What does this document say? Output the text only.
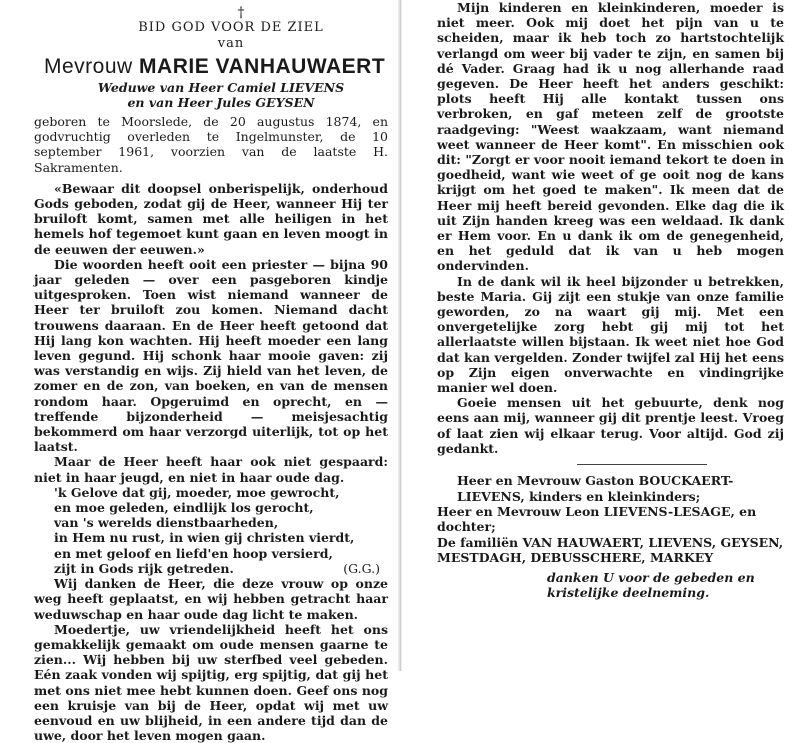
†
BID GOD VOOR DE ZIEL
van
Mevrouw MARIE VANHAUWAERT
Weduwe van Heer Camiel LIEVENS
en van Heer Jules GEYSEN

geboren te Moorslede, de 20 augustus 1874, en godvruchtig overleden te Ingelmunster, de 10 september 1961, voorzien van de laatste H. Sakramenten.

«Bewaar dit doopsel onberispelijk, onderhoud Gods geboden, zodat gij de Heer, wanneer Hij ter bruiloft komt, samen met alle heiligen in het hemels hof tegemoet kunt gaan en leven moogt in de eeuwen der eeuwen.»

Die woorden heeft ooit een priester — bijna 90 jaar geleden — over een pasgeboren kindje uitgesproken. Toen wist niemand wanneer de Heer ter bruiloft zou komen. Niemand dacht trouwens daaraan. En de Heer heeft getoond dat Hij lang kon wachten. Hij heeft moeder een lang leven gegund. Hij schonk haar mooie gaven: zij was verstandig en wijs. Zij hield van het leven, de zomer en de zon, van boeken, en van de mensen rondom haar. Opgeruimd en oprecht, en — treffende bijzonderheid — meisjesachtig bekommerd om haar verzorgd uiterlijk, tot op het laatst.

Maar de Heer heeft haar ook niet gespaard: niet in haar jeugd, en niet in haar oude dag.

'k Gelove dat gij, moeder, moe gewrocht,
en moe geleden, eindlijk los gerocht,
van 's werelds dienstbaarheden,
in Hem nu rust, in wien gij christen vierdt,
en met geloof en liefd'en hoop versierd,
zijt in Gods rijk getreden.	(G.G.)

Wij danken de Heer, die deze vrouw op onze weg heeft geplaatst, en wij hebben getracht haar weduwschap en haar oude dag licht te maken.

Moedertje, uw vriendelijkheid heeft het ons gemakkelijk gemaakt om oude mensen gaarne te zien... Wij hebben bij uw sterfbed veel gebeden. Eén zaak vonden wij spijtig, erg spijtig, dat gij het met ons niet mee hebt kunnen doen. Geef ons nog een kruisje van bij de Heer, opdat wij met uw eenvoud en uw blijheid, in een andere tijd dan de uwe, door het leven mogen gaan.

Mijn kinderen en kleinkinderen, moeder is niet meer. Ook mij doet het pijn van u te scheiden, maar ik heb toch zo hartstochtelijk verlangd om weer bij vader te zijn, en samen bij dé Vader. Graag had ik u nog allerhande raad gegeven. De Heer heeft het anders geschikt: plots heeft Hij alle kontakt tussen ons verbroken, en gaf meteen zelf de grootste raadgeving: "Weest waakzaam, want niemand weet wanneer de Heer komt". En misschien ook dit: "Zorgt er voor nooit iemand tekort te doen in goedheid, want wie weet of ge ooit nog de kans krijgt om het goed te maken". Ik meen dat de Heer mij heeft bereid gevonden. Elke dag die ik uit Zijn handen kreeg was een weldaad. Ik dank er Hem voor. En u dank ik om de genegenheid, en het geduld dat ik van u heb mogen ondervinden.

In de dank wil ik heel bijzonder u betrekken, beste Maria. Gij zijt een stukje van onze familie geworden, zo na waart gij mij. Met een onvergetelijke zorg hebt gij mij tot het allerlaatste willen bijstaan. Ik weet niet hoe God dat kan vergelden. Zonder twijfel zal Hij het eens op Zijn eigen onverwachte en vindingrijke manier wel doen.

Goeie mensen uit het gebuurte, denk nog eens aan mij, wanneer gij dit prentje leest. Vroeg of laat zien wij elkaar terug. Voor altijd. God zij gedankt.

Heer en Mevrouw Gaston BOUCKAERT-LIEVENS, kinders en kleinkinders;

Heer en Mevrouw Leon LIEVENS-LESAGE, en dochter;

De familiën VAN HAUWAERT, LIEVENS, GEYSEN, MESTDAGH, DEBUSSCHERE, MARKEY

danken U voor de gebeden en kristelijke deelneming.
